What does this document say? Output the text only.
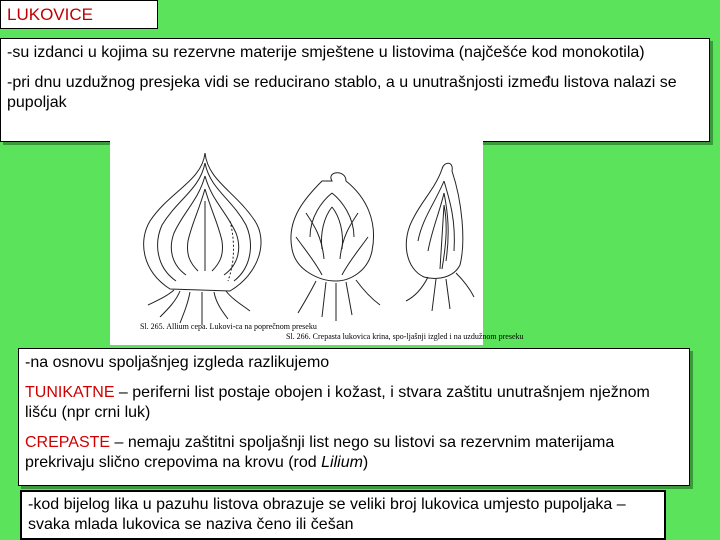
LUKOVICE

-su izdanci u kojima su rezervne materije smještene u listovima (najčešće kod monokotila)

-pri dnu uzdužnog presjeka vidi se reducirano stablo, a u unutrašnjosti između listova nalazi se pupoljak

Sl. 265. Allium cepa. Lukovi-ca na poprečnom preseku
Sl. 266. Crepasta lukovica krina, spo-ljašnji izgled i na uzdužnom preseku

-na osnovu spoljašnjeg izgleda razlikujemo

TUNIKATNE – periferni list postaje obojen i kožast, i stvara zaštitu unutrašnjem nježnom lišću (npr crni luk)

CREPASTE – nemaju zaštitni spoljašnji list nego su listovi sa rezervnim materijama prekrivaju slično crepovima na krovu (rod Lilium)

-kod bijelog lika u pazuhu listova obrazuje se veliki broj lukovica umjesto pupoljaka –svaka mlada lukovica se naziva čeno ili češan
